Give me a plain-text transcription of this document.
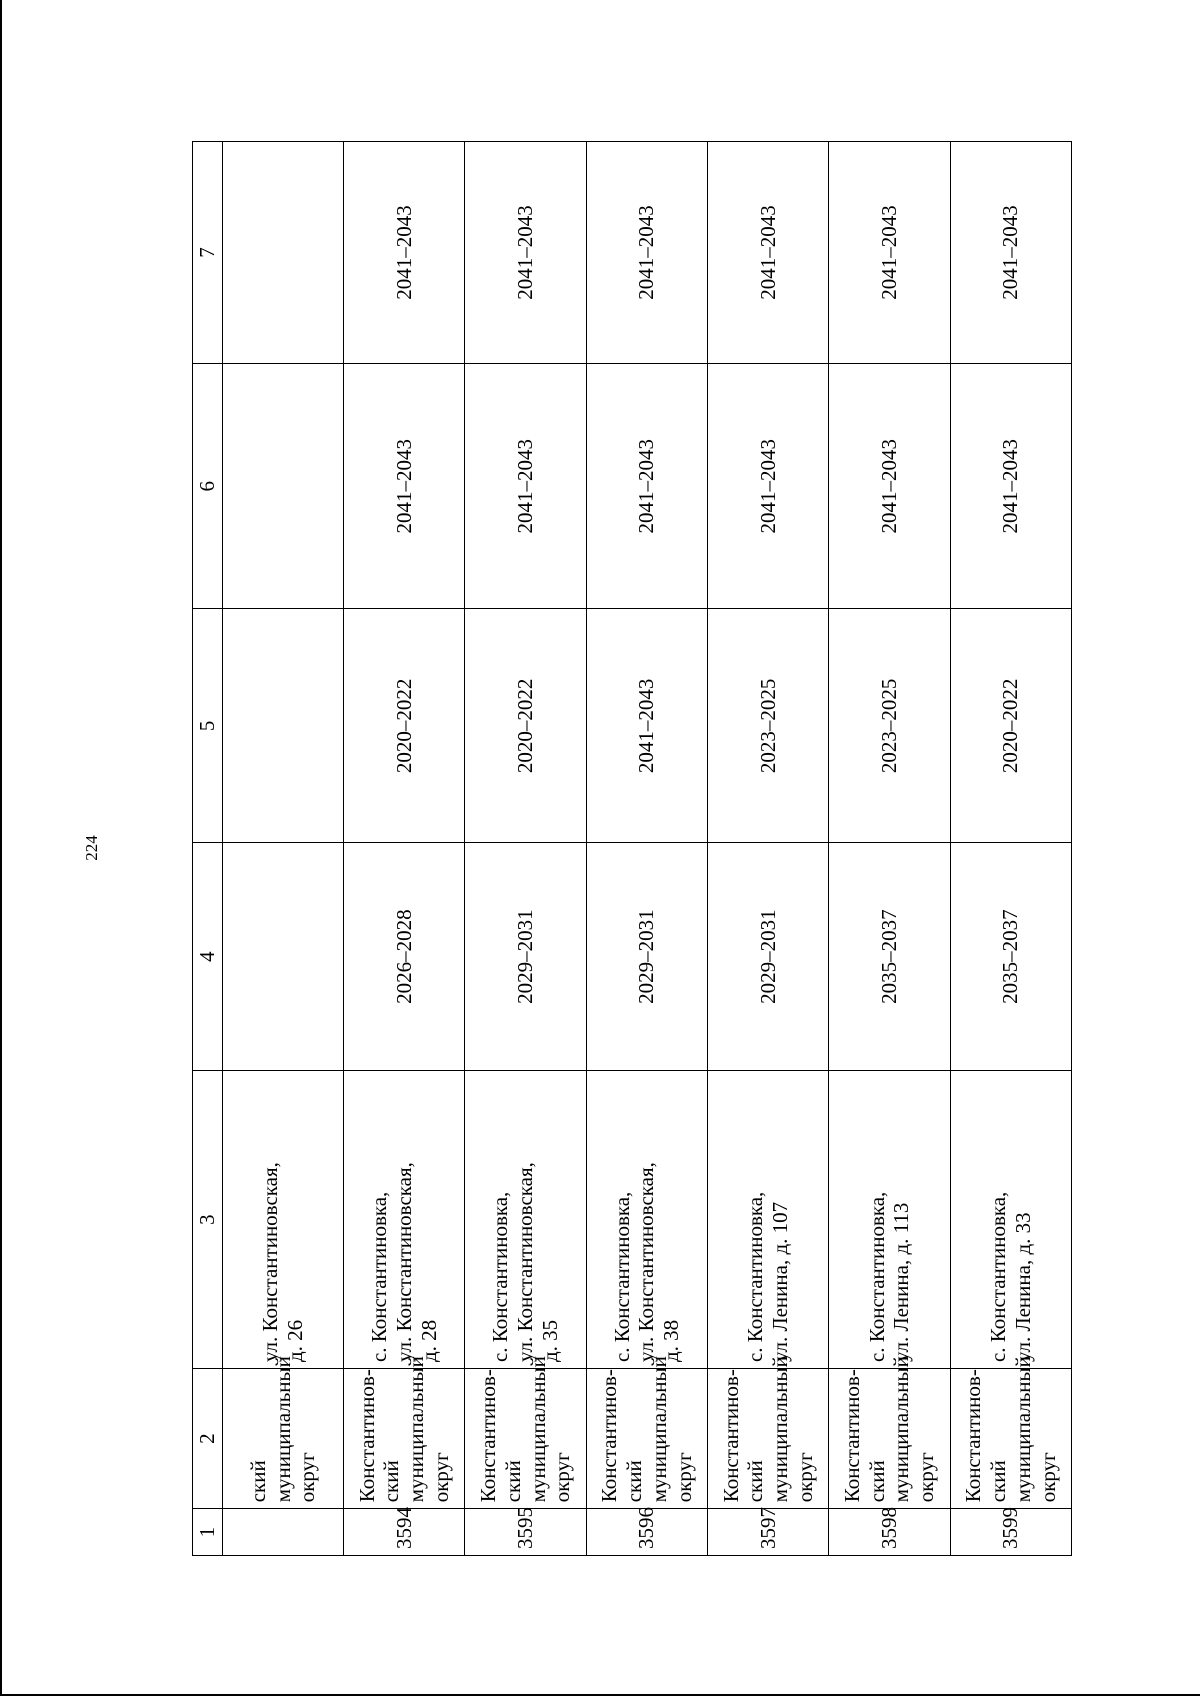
224
1	2	3	4	5	6	7

	ский муниципальный округ	ул. Константиновская, д. 26				

3594	Константинов- ский муниципальный округ	с. Константиновка, ул. Константиновская, д. 28	2026–2028	2020–2022	2041–2043	2041–2043
3595	Константинов- ский муниципальный округ	с. Константиновка, ул. Константиновская, д. 35	2029–2031	2020–2022	2041–2043	2041–2043
3596	Константинов- ский муниципальный округ	с. Константиновка, ул. Константиновская, д. 38	2029–2031	2041–2043	2041–2043	2041–2043
3597	Константинов- ский муниципальный округ	с. Константиновка, ул. Ленина, д. 107	2029–2031	2023–2025	2041–2043	2041–2043
3598	Константинов- ский муниципальный округ	с. Константиновка, ул. Ленина, д. 113	2035–2037	2023–2025	2041–2043	2041–2043
3599	Константинов- ский муниципальный округ	с. Константиновка, ул. Ленина, д. 33	2035–2037	2020–2022	2041–2043	2041–2043
